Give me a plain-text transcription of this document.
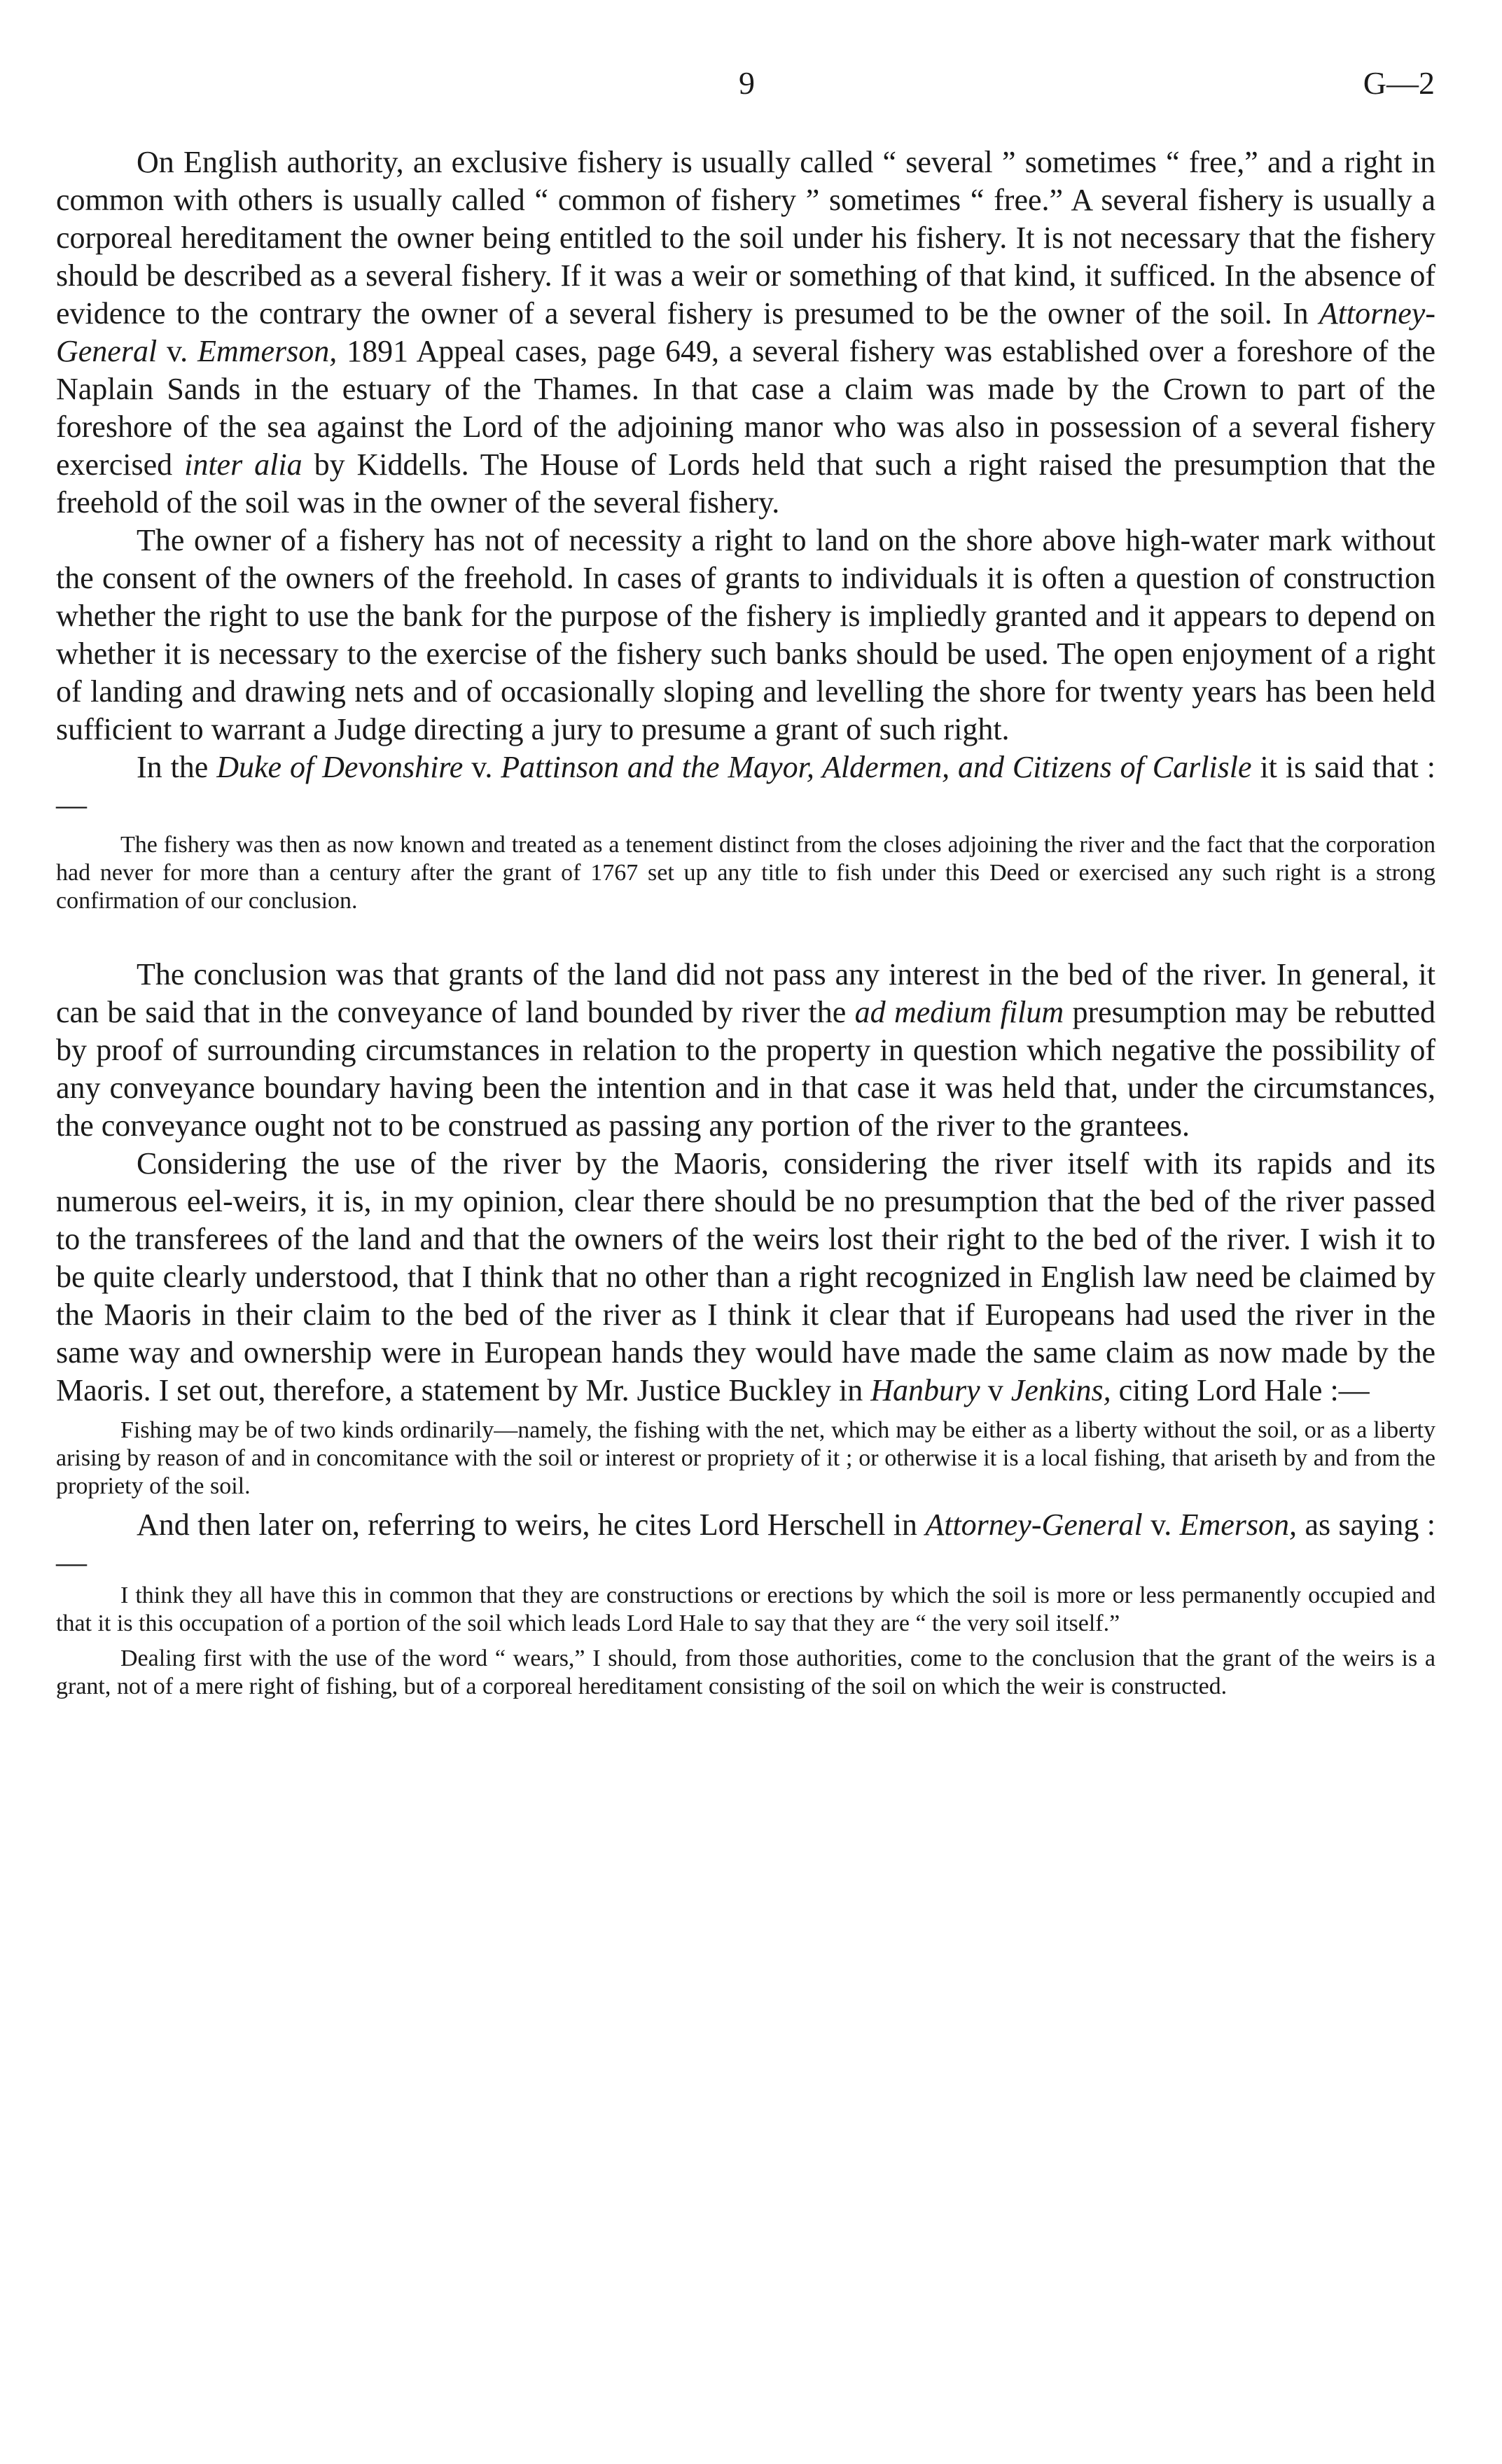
9	G—2

On English authority, an exclusive fishery is usually called “ several ” sometimes “ free,” and a right in common with others is usually called “ common of fishery ” sometimes “ free.” A several fishery is usually a corporeal hereditament the owner being entitled to the soil under his fishery. It is not necessary that the fishery should be described as a several fishery. If it was a weir or something of that kind, it sufficed. In the absence of evidence to the contrary the owner of a several fishery is presumed to be the owner of the soil. In Attorney-General v. Emmerson, 1891 Appeal cases, page 649, a several fishery was established over a foreshore of the Naplain Sands in the estuary of the Thames. In that case a claim was made by the Crown to part of the foreshore of the sea against the Lord of the adjoining manor who was also in possession of a several fishery exercised inter alia by Kiddells. The House of Lords held that such a right raised the presumption that the freehold of the soil was in the owner of the several fishery.

The owner of a fishery has not of necessity a right to land on the shore above high-water mark without the consent of the owners of the freehold. In cases of grants to individuals it is often a question of construction whether the right to use the bank for the purpose of the fishery is impliedly granted and it appears to depend on whether it is necessary to the exercise of the fishery such banks should be used. The open enjoyment of a right of landing and drawing nets and of occasionally sloping and levelling the shore for twenty years has been held sufficient to warrant a Judge directing a jury to presume a grant of such right.

In the Duke of Devonshire v. Pattinson and the Mayor, Aldermen, and Citizens of Carlisle it is said that :—

The fishery was then as now known and treated as a tenement distinct from the closes adjoining the river and the fact that the corporation had never for more than a century after the grant of 1767 set up any title to fish under this Deed or exercised any such right is a strong confirmation of our conclusion.

The conclusion was that grants of the land did not pass any interest in the bed of the river. In general, it can be said that in the conveyance of land bounded by river the ad medium filum presumption may be rebutted by proof of surrounding circumstances in relation to the property in question which negative the possibility of any conveyance boundary having been the intention and in that case it was held that, under the circumstances, the conveyance ought not to be construed as passing any portion of the river to the grantees.

Considering the use of the river by the Maoris, considering the river itself with its rapids and its numerous eel-weirs, it is, in my opinion, clear there should be no presumption that the bed of the river passed to the transferees of the land and that the owners of the weirs lost their right to the bed of the river. I wish it to be quite clearly understood, that I think that no other than a right recognized in English law need be claimed by the Maoris in their claim to the bed of the river as I think it clear that if Europeans had used the river in the same way and ownership were in European hands they would have made the same claim as now made by the Maoris. I set out, therefore, a statement by Mr. Justice Buckley in Hanbury v Jenkins, citing Lord Hale :—

Fishing may be of two kinds ordinarily—namely, the fishing with the net, which may be either as a liberty without the soil, or as a liberty arising by reason of and in concomitance with the soil or interest or propriety of it ; or otherwise it is a local fishing, that ariseth by and from the propriety of the soil.

And then later on, referring to weirs, he cites Lord Herschell in Attorney-General v. Emerson, as saying :—

I think they all have this in common that they are constructions or erections by which the soil is more or less permanently occupied and that it is this occupation of a portion of the soil which leads Lord Hale to say that they are “ the very soil itself.”

Dealing first with the use of the word “ wears,” I should, from those authorities, come to the conclusion that the grant of the weirs is a grant, not of a mere right of fishing, but of a corporeal hereditament consisting of the soil on which the weir is constructed.
